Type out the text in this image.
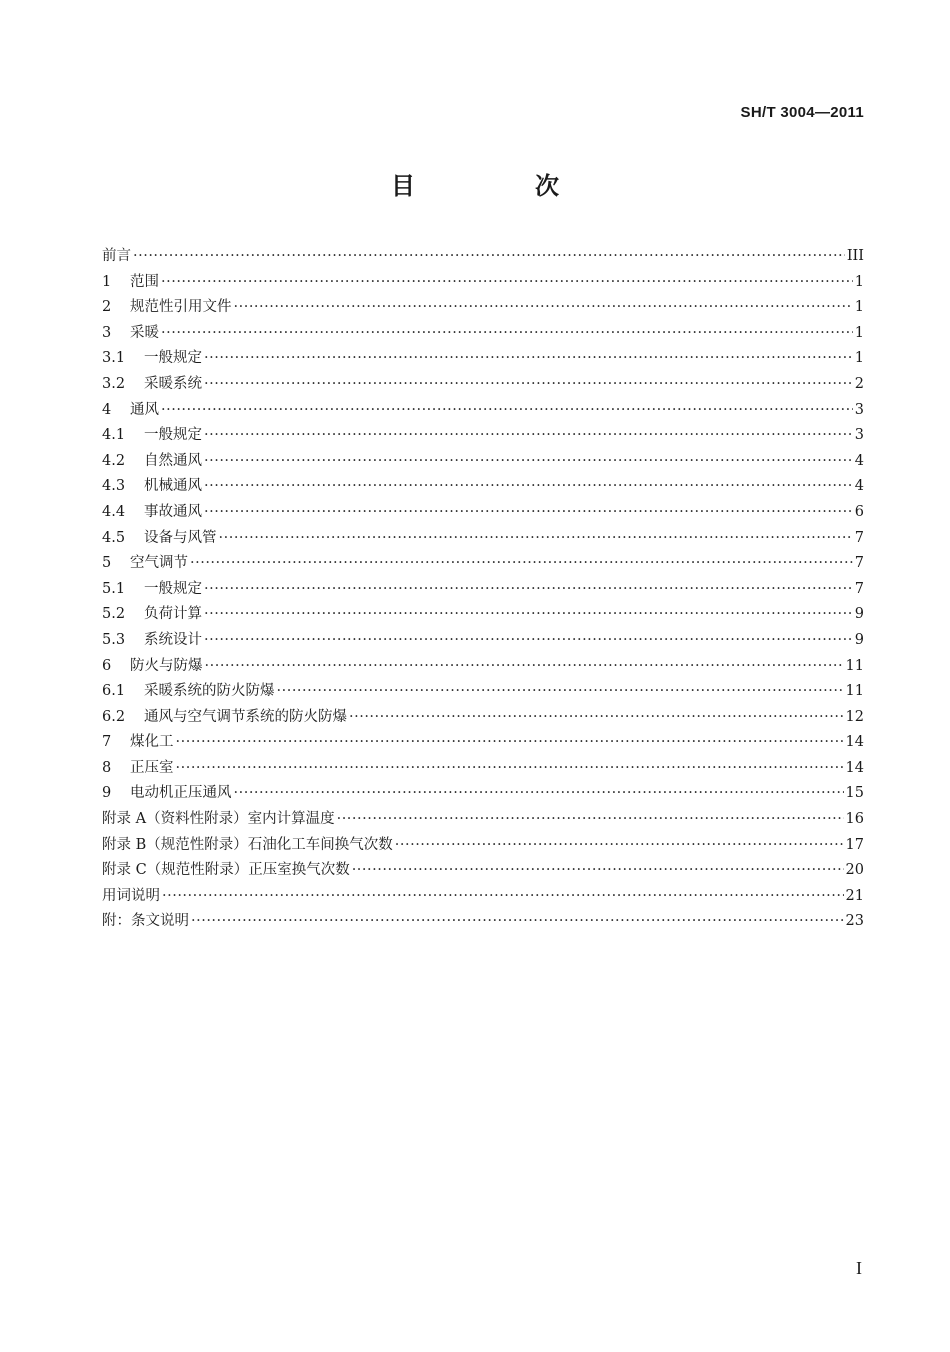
SH/T 3004—2011
目　次
前言 ·····	III
1	范围 ·····	1
2	规范性引用文件 ·····	1
3	采暖 ·····	1
3.1	一般规定 ·····	1
3.2	采暖系统 ·····	2
4	通风 ·····	3
4.1	一般规定 ·····	3
4.2	自然通风 ·····	4
4.3	机械通风 ·····	4
4.4	事故通风 ·····	6
4.5	设备与风管 ·····	7
5	空气调节 ·····	7
5.1	一般规定 ·····	7
5.2	负荷计算 ·····	9
5.3	系统设计 ·····	9
6	防火与防爆 ·····	11
6.1	采暖系统的防火防爆 ·····	11
6.2	通风与空气调节系统的防火防爆 ·····	12
7	煤化工 ·····	14
8	正压室 ·····	14
9	电动机正压通风 ·····	15
附录 A（资料性附录）室内计算温度 ·····	16
附录 B（规范性附录）石油化工车间换气次数 ·····	17
附录 C（规范性附录）正压室换气次数 ·····	20
用词说明 ·····	21
附：条文说明 ·····	23
I
